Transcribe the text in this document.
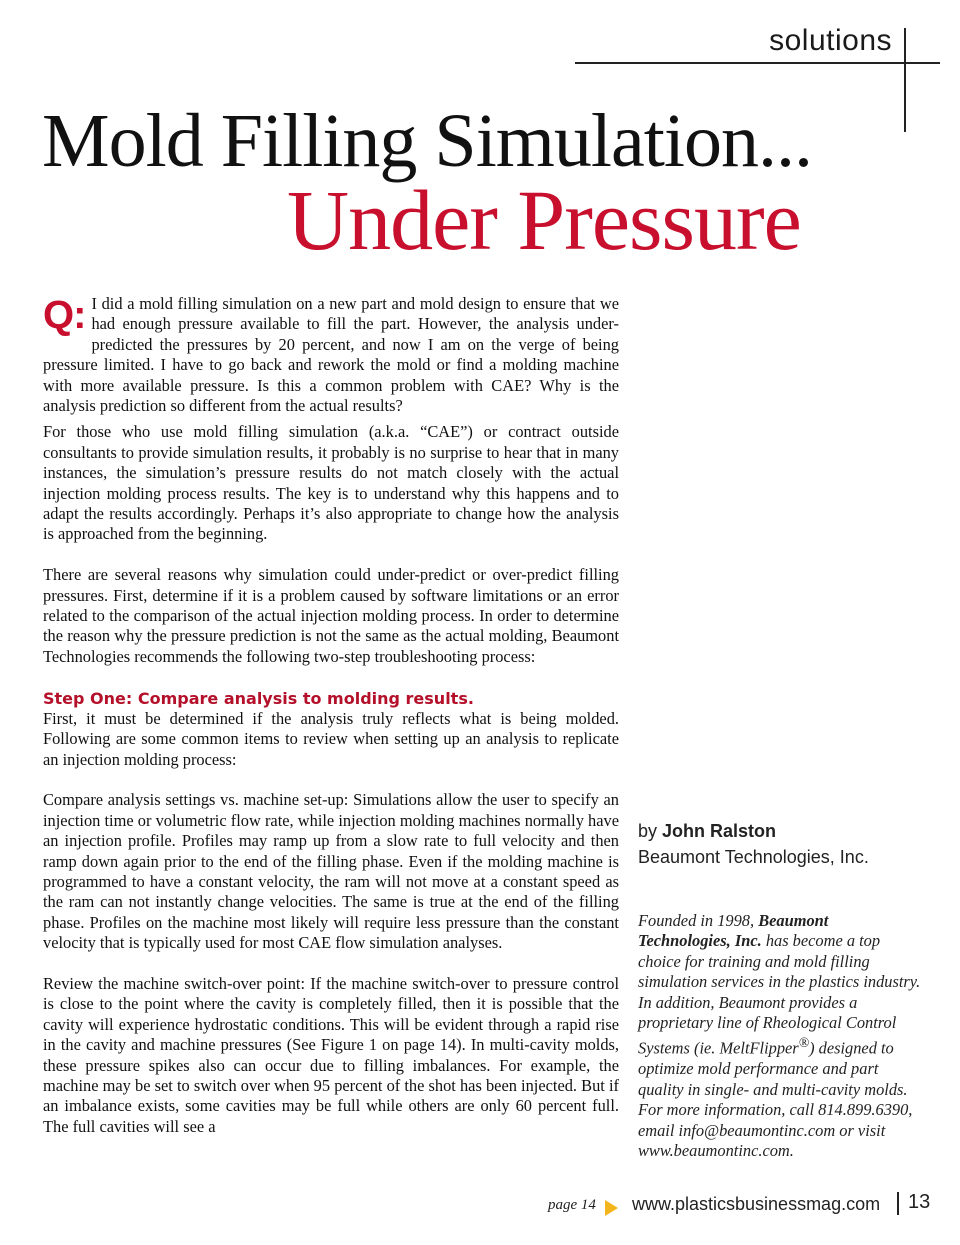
solutions
Mold Filling Simulation...
Under Pressure

Q: I did a mold filling simulation on a new part and mold design to ensure that we had enough pressure available to fill the part. However, the analysis under-predicted the pressures by 20 percent, and now I am on the verge of being pressure limited. I have to go back and rework the mold or find a molding machine with more available pressure. Is this a common problem with CAE? Why is the analysis prediction so different from the actual results?

For those who use mold filling simulation (a.k.a. “CAE”) or contract outside consultants to provide simulation results, it probably is no surprise to hear that in many instances, the simulation’s pressure results do not match closely with the actual injection molding process results. The key is to understand why this happens and to adapt the results accordingly. Perhaps it’s also appropriate to change how the analysis is approached from the beginning.

There are several reasons why simulation could under-predict or over-predict filling pressures. First, determine if it is a problem caused by software limitations or an error related to the comparison of the actual injection molding process. In order to determine the reason why the pressure prediction is not the same as the actual molding, Beaumont Technologies recommends the following two-step troubleshooting process:

Step One: Compare analysis to molding results.

First, it must be determined if the analysis truly reflects what is being molded. Following are some common items to review when setting up an analysis to replicate an injection molding process:

Compare analysis settings vs. machine set-up: Simulations allow the user to specify an injection time or volumetric flow rate, while injection molding machines normally have an injection profile. Profiles may ramp up from a slow rate to full velocity and then ramp down again prior to the end of the filling phase. Even if the molding machine is programmed to have a constant velocity, the ram will not move at a constant speed as the ram can not instantly change velocities. The same is true at the end of the filling phase. Profiles on the machine most likely will require less pressure than the constant velocity that is typically used for most CAE flow simulation analyses.

Review the machine switch-over point: If the machine switch-over to pressure control is close to the point where the cavity is completely filled, then it is possible that the cavity will experience hydrostatic conditions. This will be evident through a rapid rise in the cavity and machine pressures (See Figure 1 on page 14). In multi-cavity molds, these pressure spikes also can occur due to filling imbalances. For example, the machine may be set to switch over when 95 percent of the shot has been injected. But if an imbalance exists, some cavities may be full while others are only 60 percent full. The full cavities will see a

by John Ralston
Beaumont Technologies, Inc.

Founded in 1998, Beaumont Technologies, Inc. has become a top choice for training and mold filling simulation services in the plastics industry. In addition, Beaumont provides a proprietary line of Rheological Control Systems (ie. MeltFlipper®) designed to optimize mold performance and part quality in single- and multi-cavity molds. For more information, call 814.899.6390, email info@beaumontinc.com or visit www.beaumontinc.com.

page 14 www.plasticsbusinessmag.com 13
